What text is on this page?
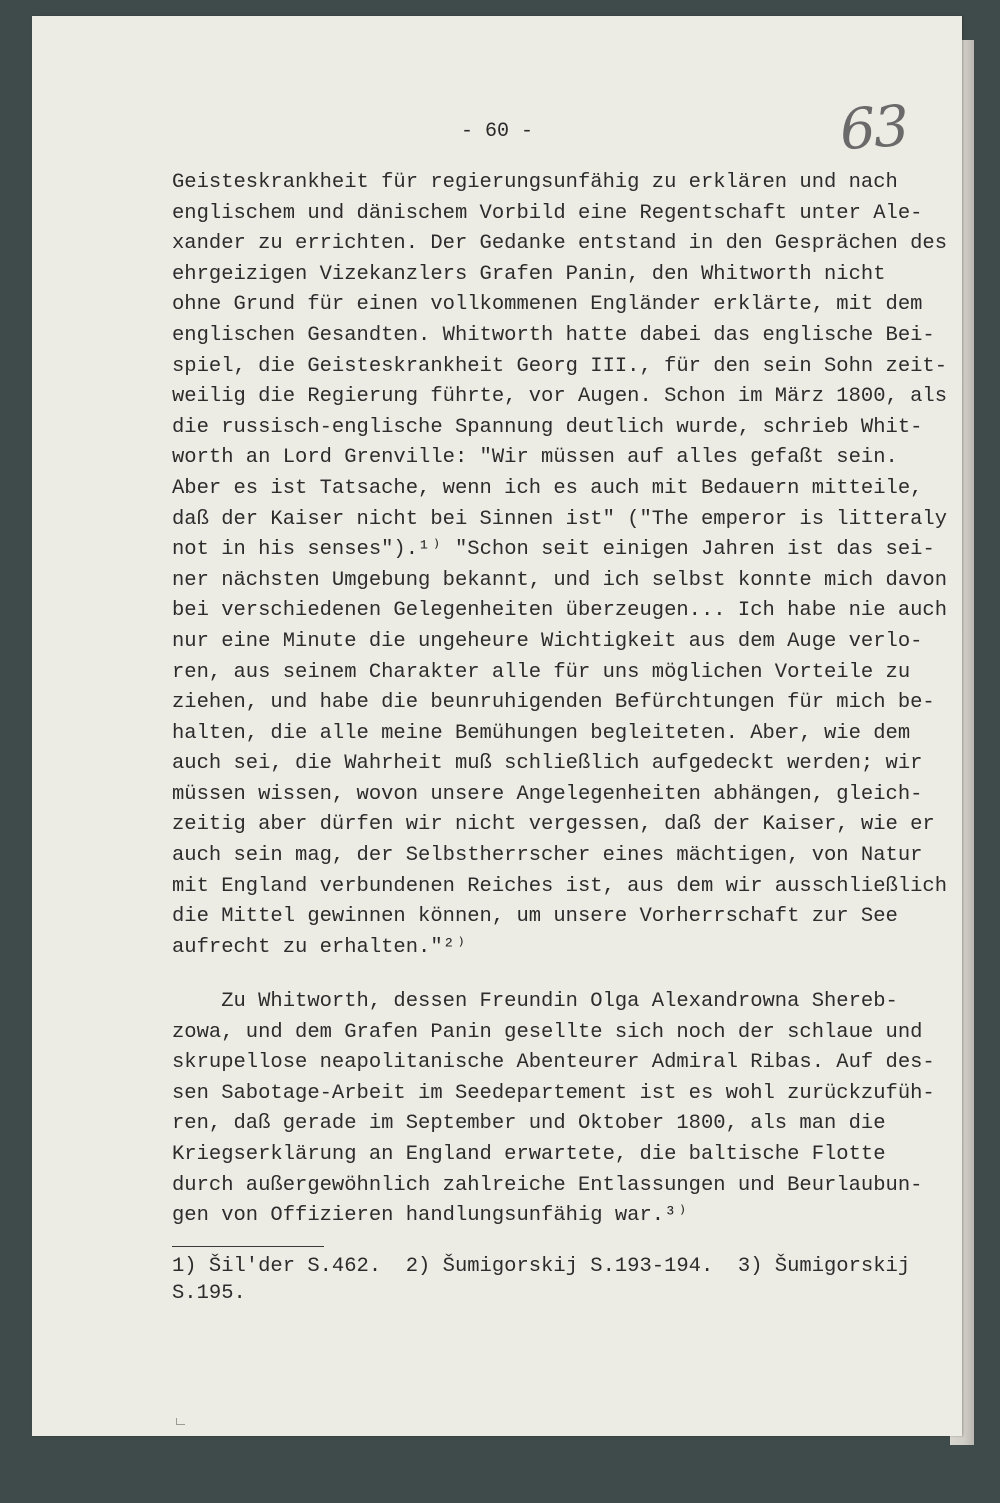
- 60 -	63

Geisteskrankheit für regierungsunfähig zu erklären und nach
englischem und dänischem Vorbild eine Regentschaft unter Ale-
xander zu errichten. Der Gedanke entstand in den Gesprächen des
ehrgeizigen Vizekanzlers Grafen Panin, den Whitworth nicht
ohne Grund für einen vollkommenen Engländer erklärte, mit dem
englischen Gesandten. Whitworth hatte dabei das englische Bei-
spiel, die Geisteskrankheit Georg III., für den sein Sohn zeit-
weilig die Regierung führte, vor Augen. Schon im März 1800, als
die russisch-englische Spannung deutlich wurde, schrieb Whit-
worth an Lord Grenville: "Wir müssen auf alles gefaßt sein.
Aber es ist Tatsache, wenn ich es auch mit Bedauern mitteile,
daß der Kaiser nicht bei Sinnen ist" ("The emperor is litteraly
not in his senses").¹⁾ "Schon seit einigen Jahren ist das sei-
ner nächsten Umgebung bekannt, und ich selbst konnte mich davon
bei verschiedenen Gelegenheiten überzeugen... Ich habe nie auch
nur eine Minute die ungeheure Wichtigkeit aus dem Auge verlo-
ren, aus seinem Charakter alle für uns möglichen Vorteile zu
ziehen, und habe die beunruhigenden Befürchtungen für mich be-
halten, die alle meine Bemühungen begleiteten. Aber, wie dem
auch sei, die Wahrheit muß schließlich aufgedeckt werden; wir
müssen wissen, wovon unsere Angelegenheiten abhängen, gleich-
zeitig aber dürfen wir nicht vergessen, daß der Kaiser, wie er
auch sein mag, der Selbstherrscher eines mächtigen, von Natur
mit England verbundenen Reiches ist, aus dem wir ausschließlich
die Mittel gewinnen können, um unsere Vorherrschaft zur See
aufrecht zu erhalten."²⁾

Zu Whitworth, dessen Freundin Olga Alexandrowna Shereb-
zowa, und dem Grafen Panin gesellte sich noch der schlaue und
skrupellose neapolitanische Abenteurer Admiral Ribas. Auf des-
sen Sabotage-Arbeit im Seedepartement ist es wohl zurückzufüh-
ren, daß gerade im September und Oktober 1800, als man die
Kriegserklärung an England erwartete, die baltische Flotte
durch außergewöhnlich zahlreiche Entlassungen und Beurlaubun-
gen von Offizieren handlungsunfähig war.³⁾

1) Šil'der S.462.  2) Šumigorskij S.193-194.  3) Šumigorskij
S.195.
